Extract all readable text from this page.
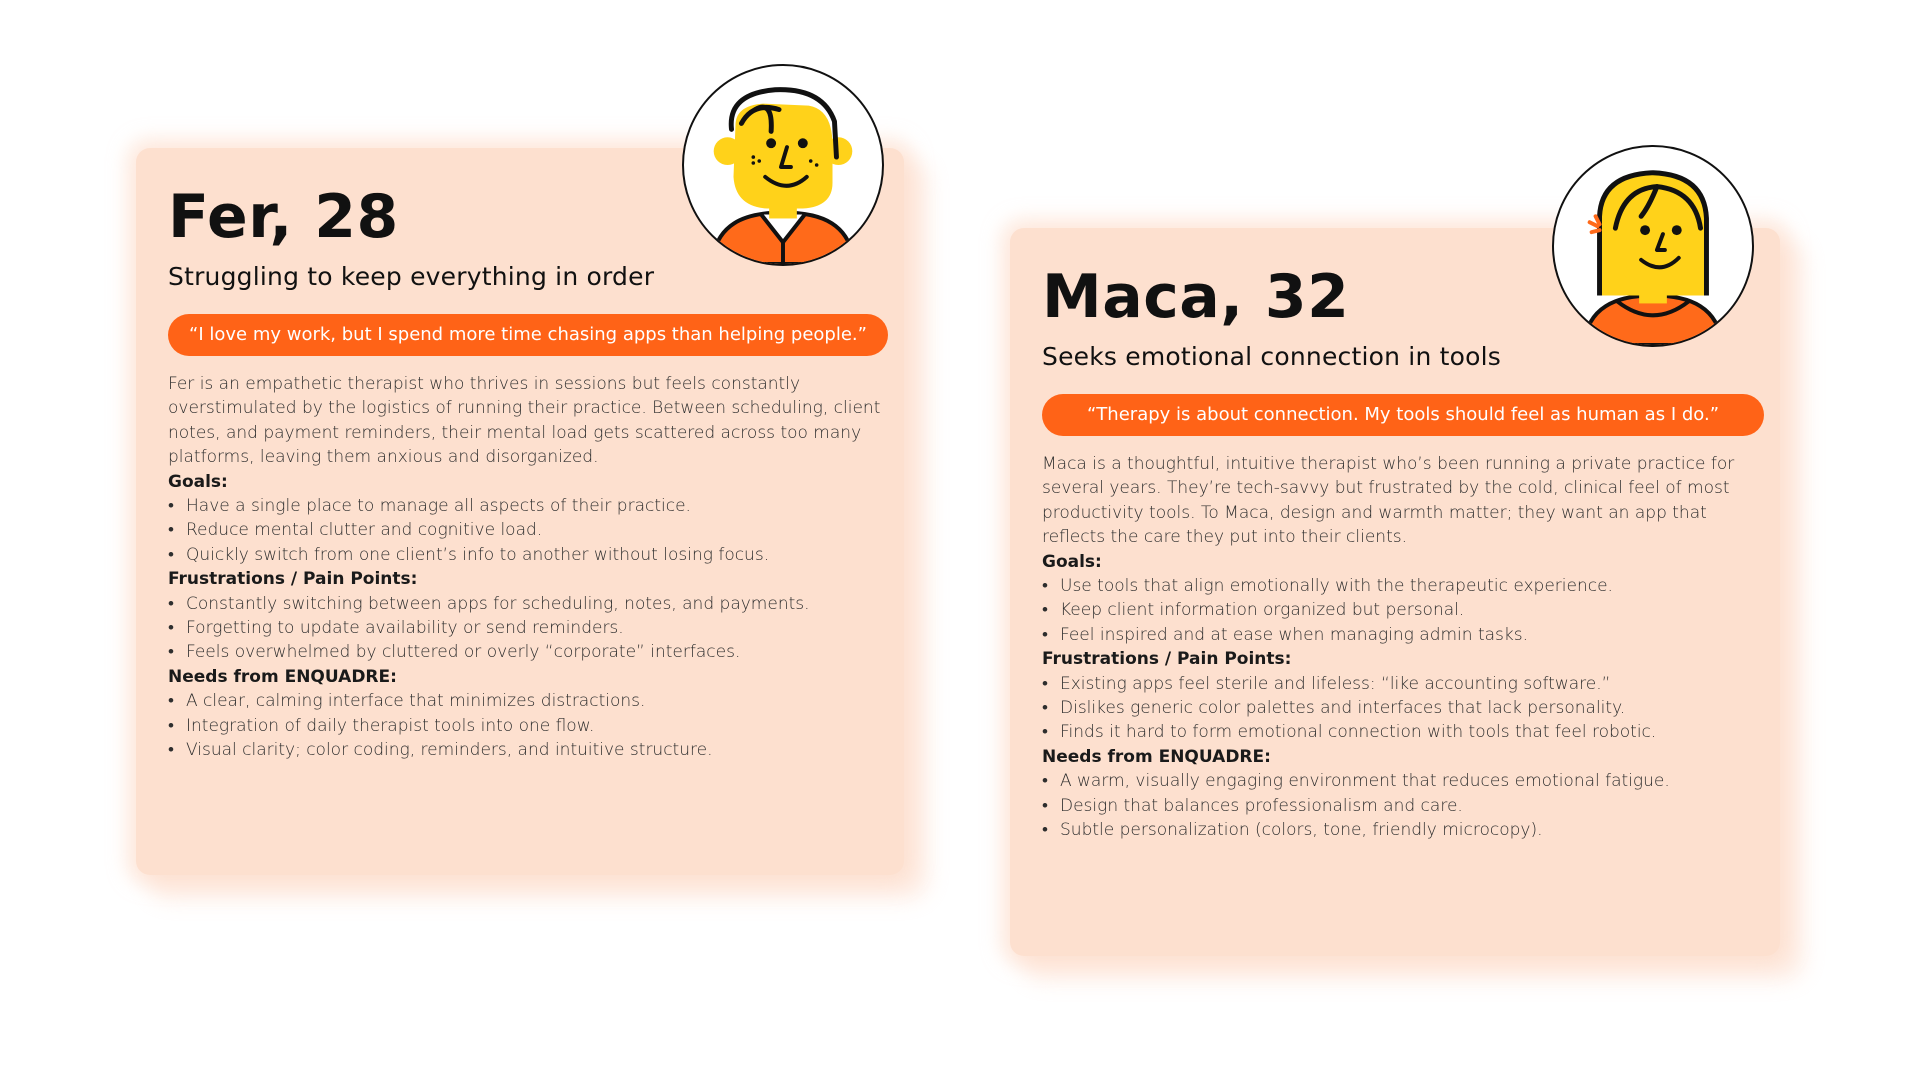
Fer, 28
Struggling to keep everything in order
“I love my work, but I spend more time chasing apps than helping people.”

Fer is an empathetic therapist who thrives in sessions but feels constantly overstimulated by the logistics of running their practice. Between scheduling, client notes, and payment reminders, their mental load gets scattered across too many platforms, leaving them anxious and disorganized.

Goals:

• Have a single place to manage all aspects of their practice.
• Reduce mental clutter and cognitive load.
• Quickly switch from one client’s info to another without losing focus.

Frustrations / Pain Points:

• Constantly switching between apps for scheduling, notes, and payments.
• Forgetting to update availability or send reminders.
• Feels overwhelmed by cluttered or overly “corporate” interfaces.

Needs from ENQUADRE:

• A clear, calming interface that minimizes distractions.
• Integration of daily therapist tools into one flow.
• Visual clarity; color coding, reminders, and intuitive structure.
Maca, 32
Seeks emotional connection in tools
“Therapy is about connection. My tools should feel as human as I do.”

Maca is a thoughtful, intuitive therapist who’s been running a private practice for several years. They’re tech-savvy but frustrated by the cold, clinical feel of most productivity tools. To Maca, design and warmth matter; they want an app that reflects the care they put into their clients.

Goals:

• Use tools that align emotionally with the therapeutic experience.
• Keep client information organized but personal.
• Feel inspired and at ease when managing admin tasks.

Frustrations / Pain Points:

• Existing apps feel sterile and lifeless: “like accounting software.”
• Dislikes generic color palettes and interfaces that lack personality.
• Finds it hard to form emotional connection with tools that feel robotic.

Needs from ENQUADRE:

• A warm, visually engaging environment that reduces emotional fatigue.
• Design that balances professionalism and care.
• Subtle personalization (colors, tone, friendly microcopy).
